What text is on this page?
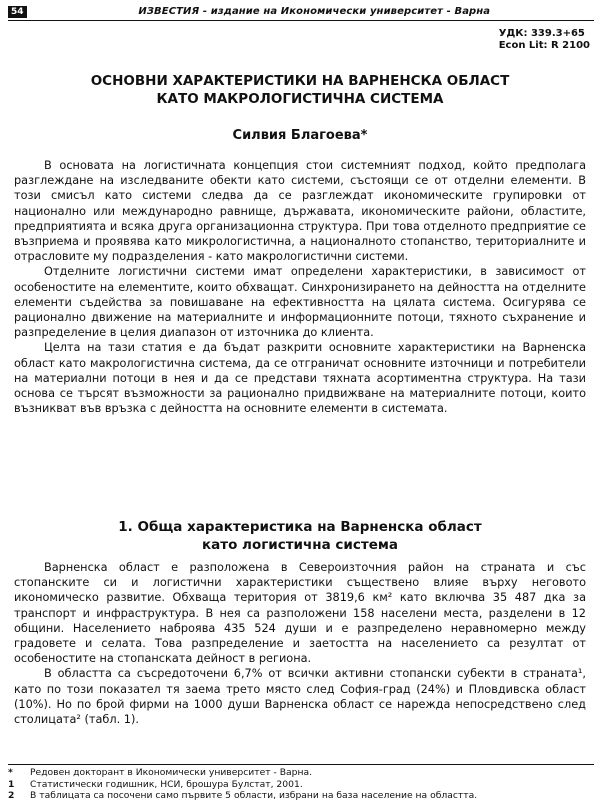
54	ИЗВЕСТИЯ - издание на Икономически университет - Варна
УДК: 339.3+65
Econ Lit: R 2100
ОСНОВНИ ХАРАКТЕРИСТИКИ НА ВАРНЕНСКА ОБЛАСТ
КАТО МАКРОЛОГИСТИЧНА СИСТЕМА
Силвия Благоева*

В основата на логистичната концепция стои системният подход, който предполага разглеждане на изследваните обекти като системи, състоящи се от отделни елементи. В този смисъл като системи следва да се разглеждат икономическите групировки от национално или международно равнище, държавата, икономическите райони, областите, предприятията и всяка друга организационна структура. При това отделното предприятие се възприема и проявява като микрологистична, а националното стопанство, териториалните и отрасловите му подразделения - като макрологистични системи.

Отделните логистични системи имат определени характеристики, в зависимост от особеностите на елементите, които обхващат. Синхронизирането на дейността на отделните елементи съдейства за повишаване на ефективността на цялата система. Осигурява се рационално движение на материалните и информационните потоци, тяхното съхранение и разпределение в целия диапазон от източника до клиента.

Целта на тази статия е да бъдат разкрити основните характеристики на Варненска област като макрологистична система, да се отграничат основните източници и потребители на материални потоци в нея и да се представи тяхната асортиментна структура. На тази основа се търсят възможности за рационално придвижване на материалните потоци, които възникват във връзка с дейността на основните елементи в системата.

1. Обща характеристика на Варненска област
като логистична система

Варненска област е разположена в Североизточния район на страната и със стопанските си и логистични характеристики съществено влияе върху неговото икономическо развитие. Обхваща територия от 3819,6 км² като включва 35 487 дка за транспорт и инфраструктура. В нея са разположени 158 населени места, разделени в 12 общини. Населението наброява 435 524 души и е разпределено неравномерно между градовете и селата. Това разпределение и заетостта на населението са резултат от особеностите на стопанската дейност в региона.

В областта са съсредоточени 6,7% от всички активни стопански субекти в страната¹, като по този показател тя заема трето място след София-град (24%) и Пловдивска област (10%). Но по брой фирми на 1000 души Варненска област се нарежда непосредствено след столицата² (табл. 1).

*	Редовен докторант в Икономически университет - Варна.
1	Статистически годишник, НСИ, брошура Булстат, 2001.
2	В таблицата са посочени само първите 5 области, избрани на база население на областта.
